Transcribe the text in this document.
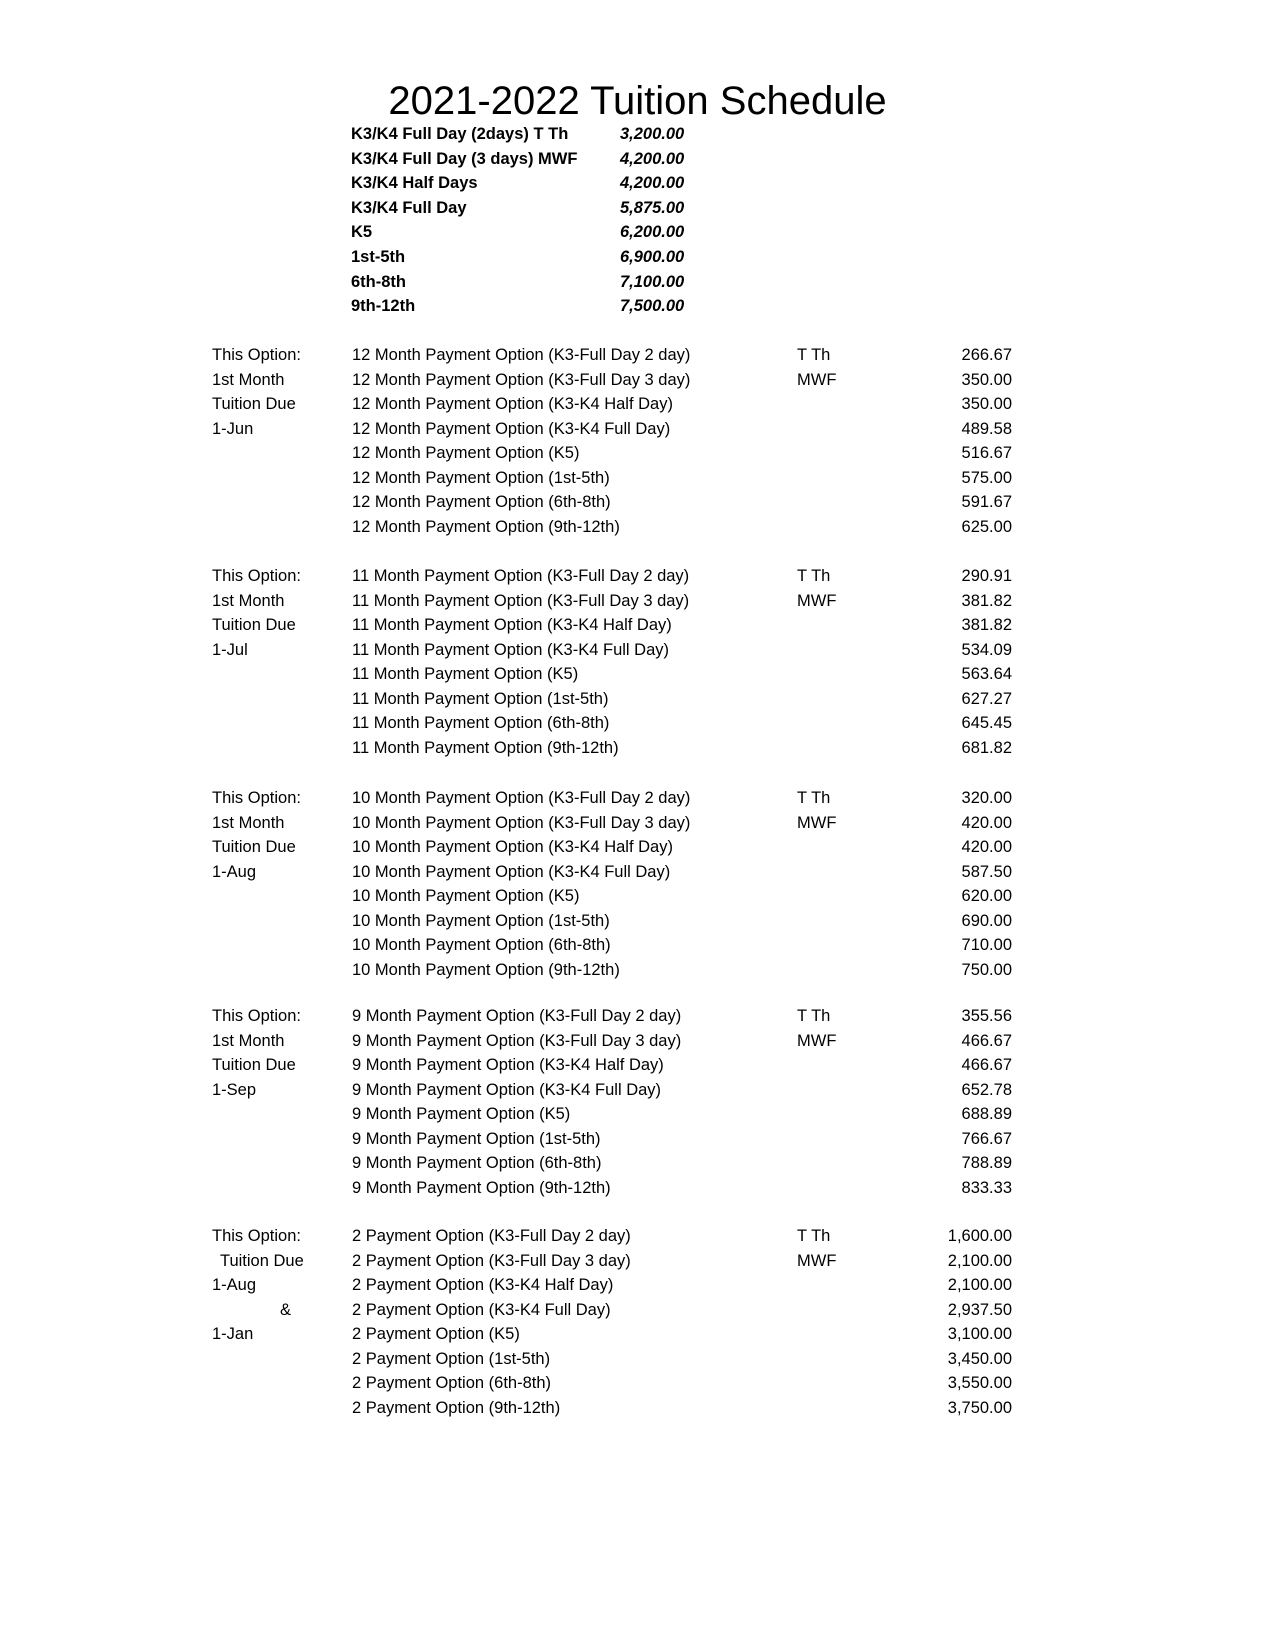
2021-2022 Tuition Schedule
K3/K4 Full Day (2days) T Th	3,200.00
K3/K4 Full Day (3 days) MWF	4,200.00
K3/K4 Half Days	4,200.00
K3/K4 Full Day	5,875.00
K5	6,200.00
1st-5th	6,900.00
6th-8th	7,100.00
9th-12th	7,500.00
This Option:	12 Month Payment Option (K3-Full Day 2 day)	T Th	266.67
1st Month	12 Month Payment Option (K3-Full Day 3 day)	MWF	350.00
Tuition Due	12 Month Payment Option (K3-K4 Half Day)	350.00
1-Jun	12 Month Payment Option (K3-K4 Full Day)	489.58
12 Month Payment Option (K5)	516.67
12 Month Payment Option (1st-5th)	575.00
12 Month Payment Option (6th-8th)	591.67
12 Month Payment Option (9th-12th)	625.00
This Option:	11 Month Payment Option (K3-Full Day 2 day)	T Th	290.91
1st Month	11 Month Payment Option (K3-Full Day 3 day)	MWF	381.82
Tuition Due	11 Month Payment Option (K3-K4 Half Day)	381.82
1-Jul	11 Month Payment Option (K3-K4 Full Day)	534.09
11 Month Payment Option (K5)	563.64
11 Month Payment Option (1st-5th)	627.27
11 Month Payment Option (6th-8th)	645.45
11 Month Payment Option (9th-12th)	681.82
This Option:	10 Month Payment Option (K3-Full Day 2 day)	T Th	320.00
1st Month	10 Month Payment Option (K3-Full Day 3 day)	MWF	420.00
Tuition Due	10 Month Payment Option (K3-K4 Half Day)	420.00
1-Aug	10 Month Payment Option (K3-K4 Full Day)	587.50
10 Month Payment Option (K5)	620.00
10 Month Payment Option (1st-5th)	690.00
10 Month Payment Option (6th-8th)	710.00
10 Month Payment Option (9th-12th)	750.00
This Option:	9 Month Payment Option (K3-Full Day 2 day)	T Th	355.56
1st Month	9 Month Payment Option (K3-Full Day 3 day)	MWF	466.67
Tuition Due	9 Month Payment Option (K3-K4 Half Day)	466.67
1-Sep	9 Month Payment Option (K3-K4 Full Day)	652.78
9 Month Payment Option (K5)	688.89
9 Month Payment Option (1st-5th)	766.67
9 Month Payment Option (6th-8th)	788.89
9 Month Payment Option (9th-12th)	833.33
This Option:	2 Payment Option (K3-Full Day 2 day)	T Th	1,600.00
Tuition Due	2 Payment Option (K3-Full Day 3 day)	MWF	2,100.00
1-Aug	2 Payment Option (K3-K4 Half Day)	2,100.00
&	2 Payment Option (K3-K4 Full Day)	2,937.50
1-Jan	2 Payment Option (K5)	3,100.00
2 Payment Option (1st-5th)	3,450.00
2 Payment Option (6th-8th)	3,550.00
2 Payment Option (9th-12th)	3,750.00
